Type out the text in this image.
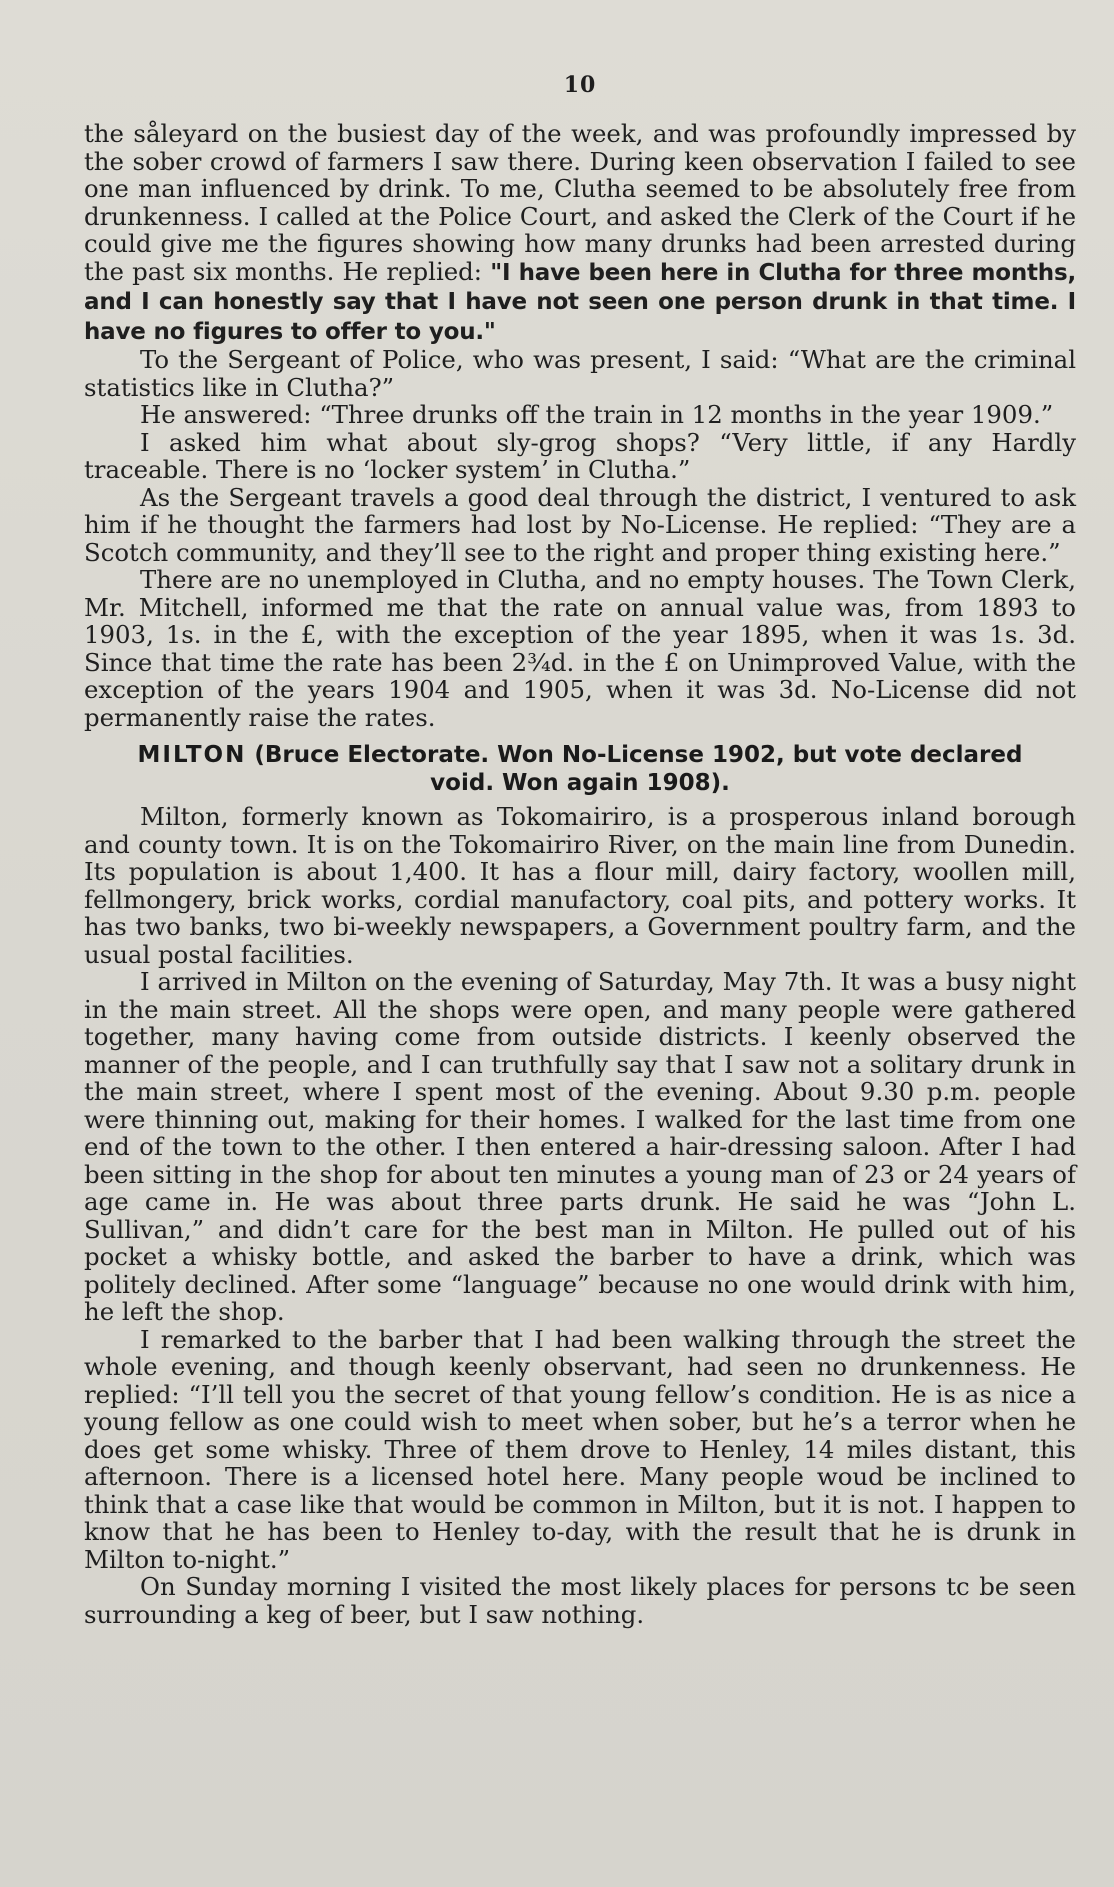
10

the såleyard on the busiest day of the week, and was profoundly impressed by the sober crowd of farmers I saw there. During keen observation I failed to see one man influenced by drink. To me, Clutha seemed to be absolutely free from drunkenness. I called at the Police Court, and asked the Clerk of the Court if he could give me the figures showing how many drunks had been arrested during the past six months. He replied: "I have been here in Clutha for three months, and I can honestly say that I have not seen one person drunk in that time. I have no figures to offer to you."

To the Sergeant of Police, who was present, I said: “What are the criminal statistics like in Clutha?”

He answered: “Three drunks off the train in 12 months in the year 1909.”

I asked him what about sly-grog shops? “Very little, if any Hardly traceable. There is no ‘locker system’ in Clutha.”

As the Sergeant travels a good deal through the district, I ventured to ask him if he thought the farmers had lost by No-License. He replied: “They are a Scotch community, and they’ll see to the right and proper thing existing here.”

There are no unemployed in Clutha, and no empty houses. The Town Clerk, Mr. Mitchell, informed me that the rate on annual value was, from 1893 to 1903, 1s. in the £, with the exception of the year 1895, when it was 1s. 3d. Since that time the rate has been 2¾d. in the £ on Unimproved Value, with the exception of the years 1904 and 1905, when it was 3d. No-License did not permanently raise the rates.

MILTON (Bruce Electorate. Won No-License 1902, but vote declared
void. Won again 1908).

Milton, formerly known as Tokomairiro, is a prosperous inland borough and county town. It is on the Tokomairiro River, on the main line from Dunedin. Its population is about 1,400. It has a flour mill, dairy factory, woollen mill, fellmongery, brick works, cordial manufactory, coal pits, and pottery works. It has two banks, two bi-weekly newspapers, a Government poultry farm, and the usual postal facilities.

I arrived in Milton on the evening of Saturday, May 7th. It was a busy night in the main street. All the shops were open, and many people were gathered together, many having come from outside districts. I keenly observed the manner of the people, and I can truthfully say that I saw not a solitary drunk in the main street, where I spent most of the evening. About 9.30 p.m. people were thinning out, making for their homes. I walked for the last time from one end of the town to the other. I then entered a hair-dressing saloon. After I had been sitting in the shop for about ten minutes a young man of 23 or 24 years of age came in. He was about three parts drunk. He said he was “John L. Sullivan,” and didn’t care for the best man in Milton. He pulled out of his pocket a whisky bottle, and asked the barber to have a drink, which was politely declined. After some “language” because no one would drink with him, he left the shop.

I remarked to the barber that I had been walking through the street the whole evening, and though keenly observant, had seen no drunkenness. He replied: “I’ll tell you the secret of that young fellow’s condition. He is as nice a young fellow as one could wish to meet when sober, but he’s a terror when he does get some whisky. Three of them drove to Henley, 14 miles distant, this afternoon. There is a licensed hotel here. Many people woud be inclined to think that a case like that would be common in Milton, but it is not. I happen to know that he has been to Henley to-day, with the result that he is drunk in Milton to-night.”

On Sunday morning I visited the most likely places for persons tc be seen surrounding a keg of beer, but I saw nothing.
